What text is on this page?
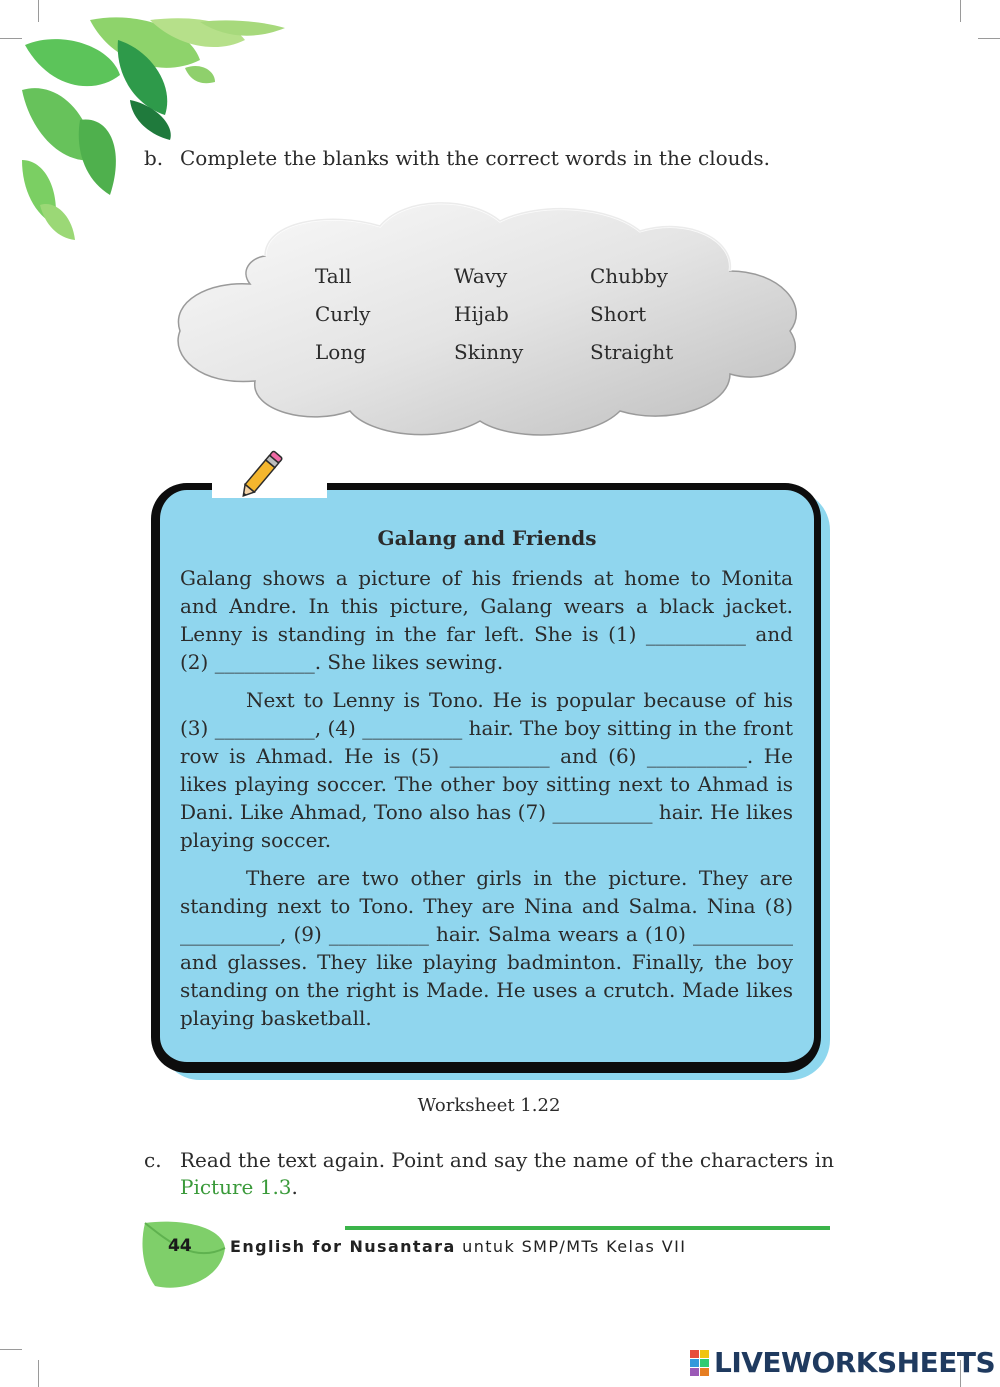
b. Complete the blanks with the correct words in the clouds.
Tall	Wavy	Chubby
Curly	Hijab	Short
Long	Skinny	Straight
Galang and Friends

Galang shows a picture of his friends at home to Monita and Andre. In this picture, Galang wears a black jacket. Lenny is standing in the far left. She is (1) __________ and (2) __________. She likes sewing.

Next to Lenny is Tono. He is popular because of his (3) __________, (4) __________ hair. The boy sitting in the front row is Ahmad. He is (5) __________ and (6) __________. He likes playing soccer. The other boy sitting next to Ahmad is Dani. Like Ahmad, Tono also has (7) __________ hair. He likes playing soccer.

There are two other girls in the picture. They are standing next to Tono. They are Nina and Salma. Nina (8) __________, (9) __________ hair. Salma wears a (10) __________ and glasses. They like playing badminton. Finally, the boy standing on the right is Made. He uses a crutch. Made likes playing basketball.

Worksheet 1.22
c. Read the text again. Point and say the name of the characters in Picture 1.3.
44	English for Nusantara untuk SMP/MTs Kelas VII
LIVEWORKSHEETS
